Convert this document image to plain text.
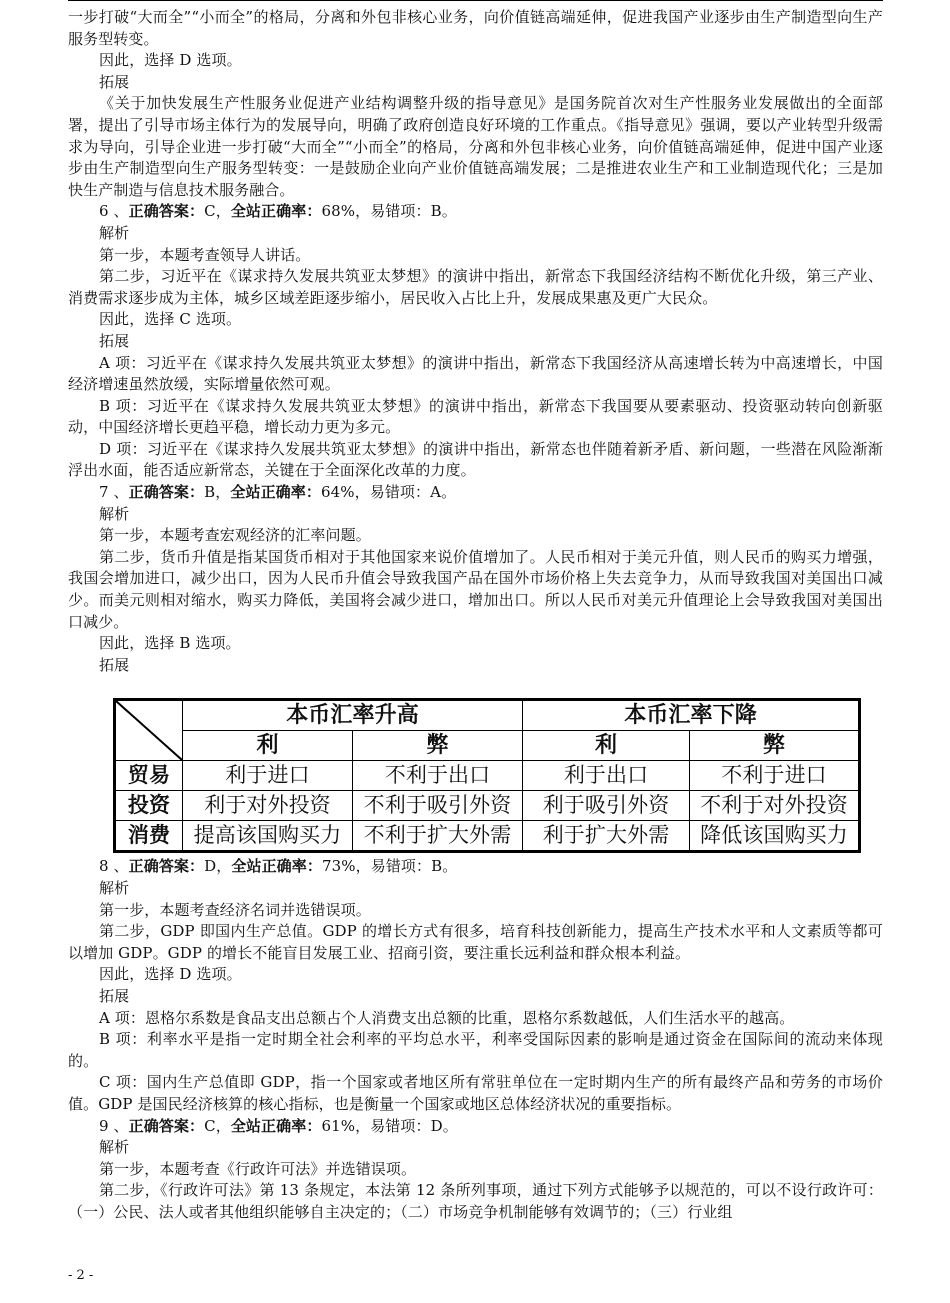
一步打破“大而全”“小而全”的格局，分离和外包非核心业务，向价值链高端延伸，促进我国产业逐步由生产制造型向生产服务型转变。

因此，选择 D 选项。

拓展

《关于加快发展生产性服务业促进产业结构调整升级的指导意见》是国务院首次对生产性服务业发展做出的全面部署，提出了引导市场主体行为的发展导向，明确了政府创造良好环境的工作重点。《指导意见》强调，要以产业转型升级需求为导向，引导企业进一步打破“大而全”“小而全”的格局，分离和外包非核心业务，向价值链高端延伸，促进中国产业逐步由生产制造型向生产服务型转变：一是鼓励企业向产业价值链高端发展；二是推进农业生产和工业制造现代化；三是加快生产制造与信息技术服务融合。

6 、正确答案：C，全站正确率：68%，易错项：B。

解析

第一步，本题考查领导人讲话。

第二步，习近平在《谋求持久发展共筑亚太梦想》的演讲中指出，新常态下我国经济结构不断优化升级，第三产业、消费需求逐步成为主体，城乡区域差距逐步缩小，居民收入占比上升，发展成果惠及更广大民众。

因此，选择 C 选项。

拓展

A 项：习近平在《谋求持久发展共筑亚太梦想》的演讲中指出，新常态下我国经济从高速增长转为中高速增长，中国经济增速虽然放缓，实际增量依然可观。

B 项：习近平在《谋求持久发展共筑亚太梦想》的演讲中指出，新常态下我国要从要素驱动、投资驱动转向创新驱动，中国经济增长更趋平稳，增长动力更为多元。

D 项：习近平在《谋求持久发展共筑亚太梦想》的演讲中指出，新常态也伴随着新矛盾、新问题，一些潜在风险渐渐浮出水面，能否适应新常态，关键在于全面深化改革的力度。

7 、正确答案：B，全站正确率：64%，易错项：A。

解析

第一步，本题考查宏观经济的汇率问题。

第二步，货币升值是指某国货币相对于其他国家来说价值增加了。人民币相对于美元升值，则人民币的购买力增强，我国会增加进口，减少出口，因为人民币升值会导致我国产品在国外市场价格上失去竞争力，从而导致我国对美国出口减少。而美元则相对缩水，购买力降低，美国将会减少进口，增加出口。所以人民币对美元升值理论上会导致我国对美国出口减少。

因此，选择 B 选项。

拓展

	本币汇率升高		本币汇率下降	
	利	弊	利	弊
贸易	利于进口	不利于出口	利于出口	不利于进口
投资	利于对外投资	不利于吸引外资	利于吸引外资	不利于对外投资
消费	提高该国购买力	不利于扩大外需	利于扩大外需	降低该国购买力

8 、正确答案：D，全站正确率：73%，易错项：B。

解析

第一步，本题考查经济名词并选错误项。

第二步，GDP 即国内生产总值。GDP 的增长方式有很多，培育科技创新能力，提高生产技术水平和人文素质等都可以增加 GDP。GDP 的增长不能盲目发展工业、招商引资，要注重长远利益和群众根本利益。

因此，选择 D 选项。

拓展

A 项：恩格尔系数是食品支出总额占个人消费支出总额的比重，恩格尔系数越低，人们生活水平的越高。

B 项：利率水平是指一定时期全社会利率的平均总水平，利率受国际因素的影响是通过资金在国际间的流动来体现的。

C 项：国内生产总值即 GDP，指一个国家或者地区所有常驻单位在一定时期内生产的所有最终产品和劳务的市场价值。GDP 是国民经济核算的核心指标，也是衡量一个国家或地区总体经济状况的重要指标。

9 、正确答案：C，全站正确率：61%，易错项：D。

解析

第一步，本题考查《行政许可法》并选错误项。

第二步，《行政许可法》第 13 条规定，本法第 12 条所列事项，通过下列方式能够予以规范的，可以不设行政许可：（一）公民、法人或者其他组织能够自主决定的；（二）市场竞争机制能够有效调节的；（三）行业组

- 2 -
